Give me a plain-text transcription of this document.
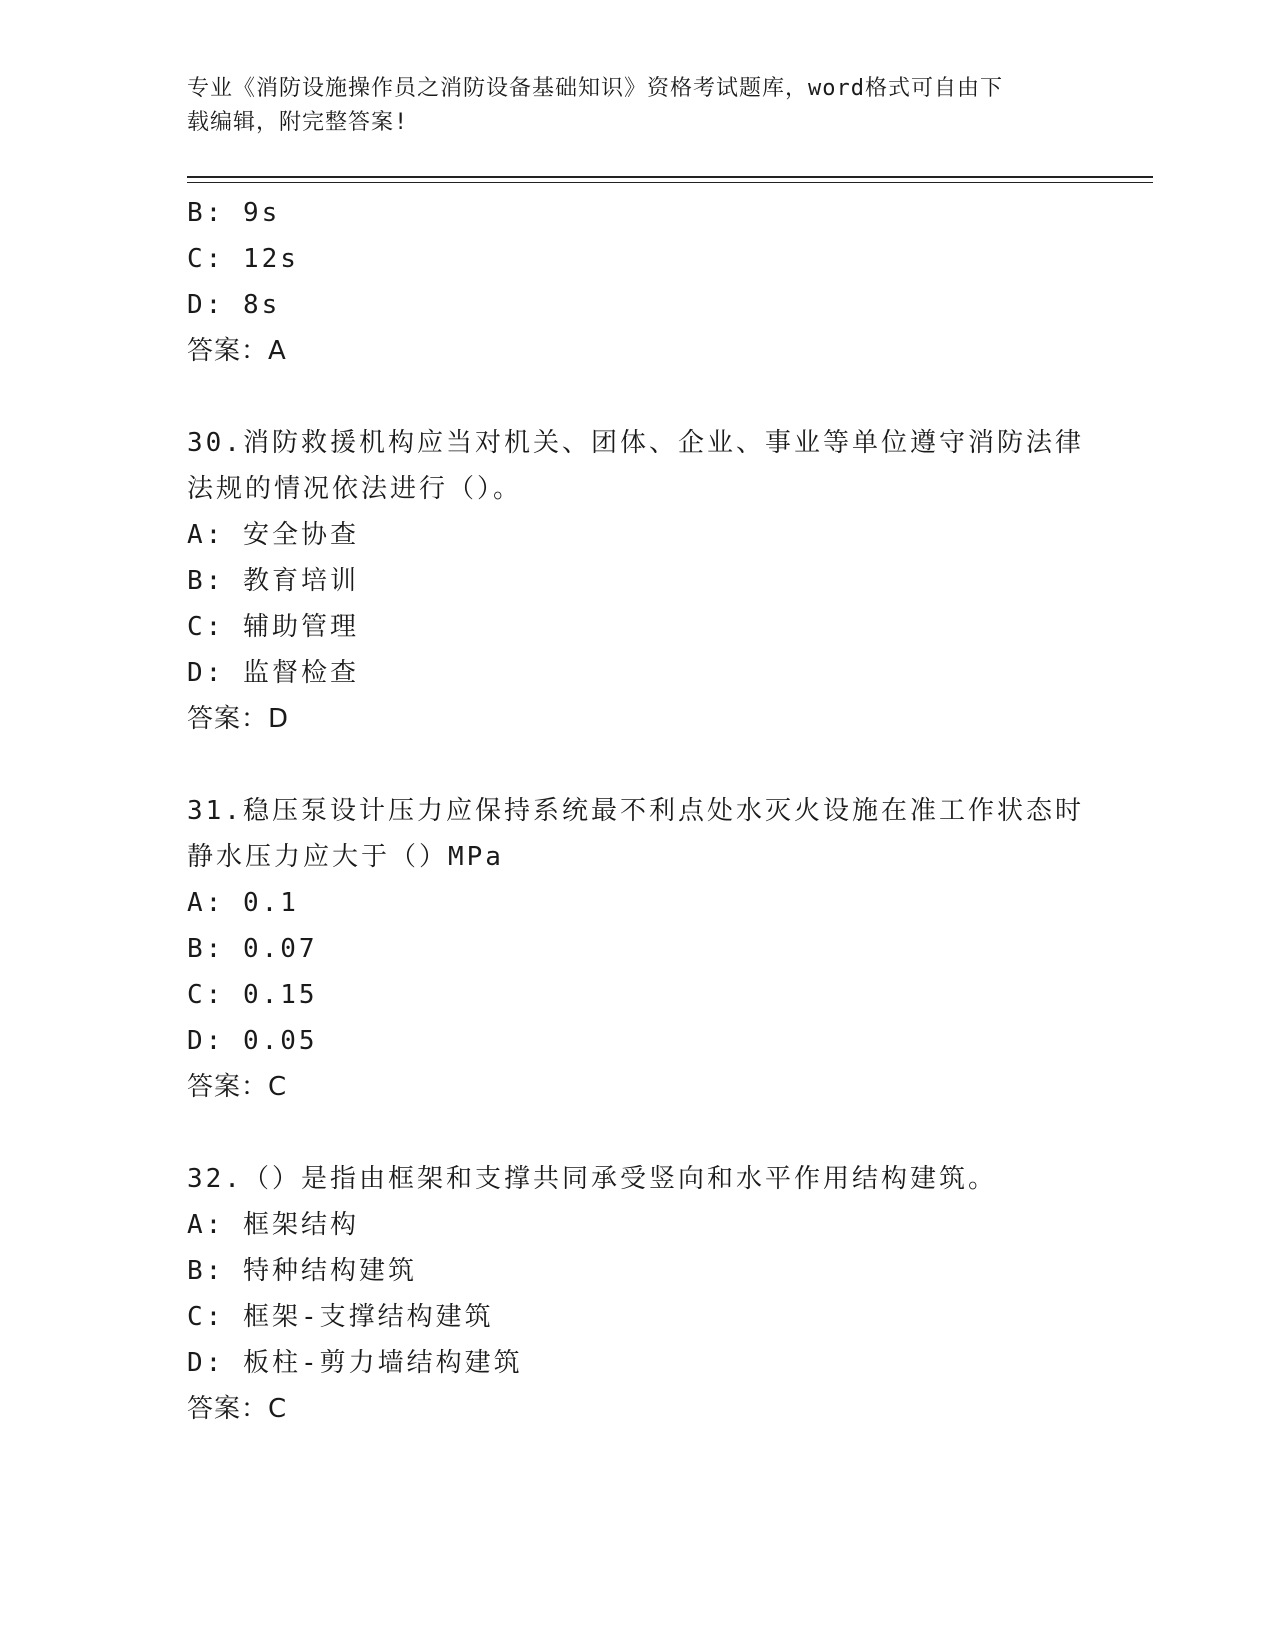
专业《消防设施操作员之消防设备基础知识》资格考试题库，word格式可自由下
载编辑，附完整答案!
B: 9s
C: 12s
D: 8s
答案：A
30.消防救援机构应当对机关、团体、企业、事业等单位遵守消防法律
法规的情况依法进行（）。
A: 安全协查
B: 教育培训
C: 辅助管理
D: 监督检查
答案：D
31.稳压泵设计压力应保持系统最不利点处水灭火设施在准工作状态时
静水压力应大于（）MPa
A: 0.1
B: 0.07
C: 0.15
D: 0.05
答案：C
32.（）是指由框架和支撑共同承受竖向和水平作用结构建筑。
A: 框架结构
B: 特种结构建筑
C: 框架-支撑结构建筑
D: 板柱-剪力墙结构建筑
答案：C
